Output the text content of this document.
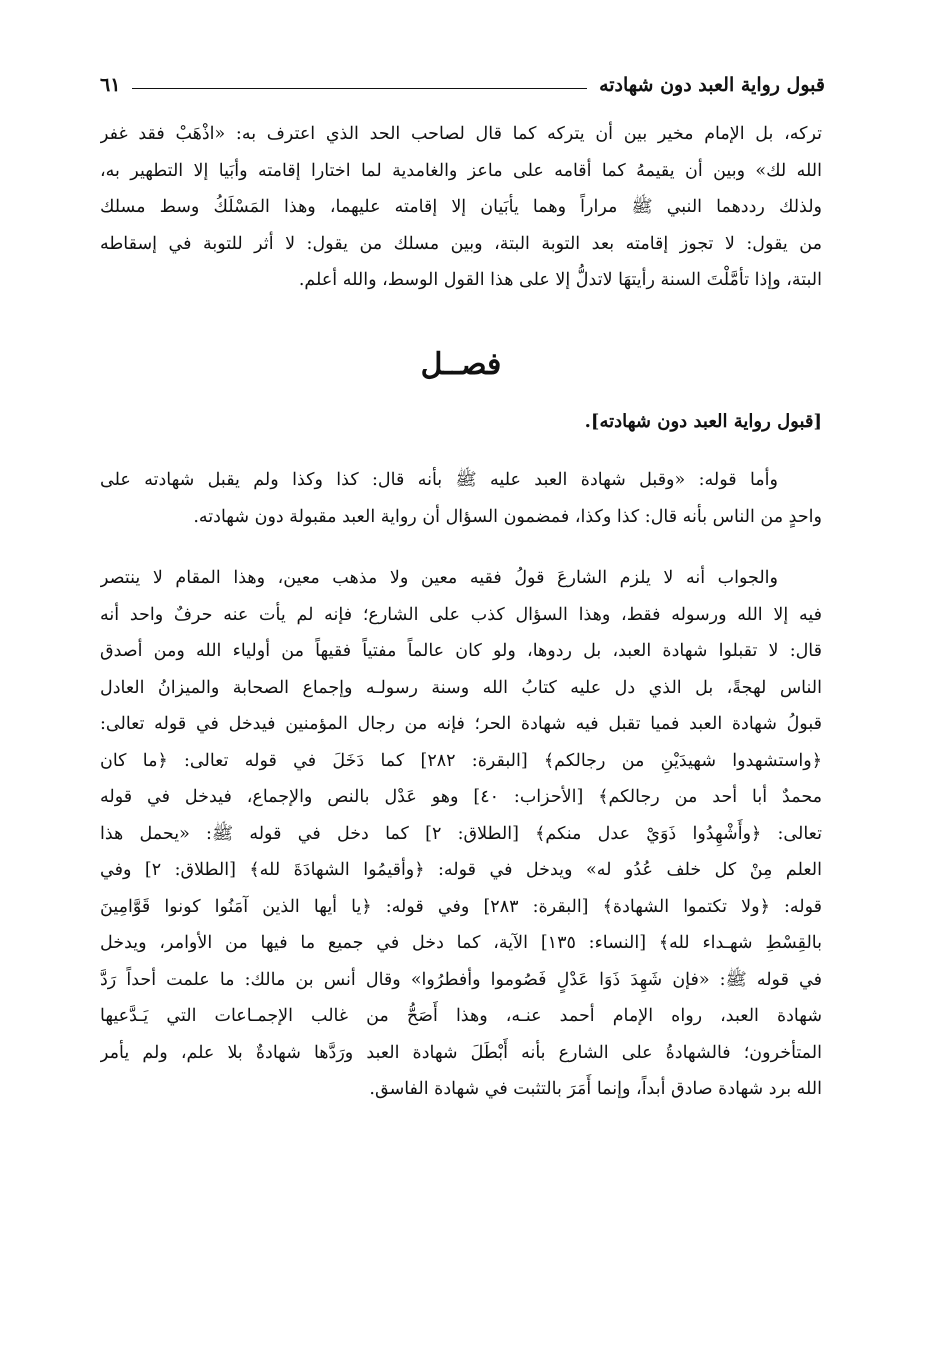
قبول رواية العبد دون شهادته
٦١
تركه، بل الإمام مخير بين أن يتركه كما قال لصاحب الحد الذي اعترف به: «اذْهَبْ فقد غفر
الله لك» وبين أن يقيمهُ كما أقامه على ماعز والغامدية لما اختارا إقامته وأبَيا إلا التطهير به،
ولذلك رددهما النبي ﷺ مراراً وهما يأبَيان إلا إقامته عليهما، وهذا المَسْلَكُ وسط مسلك
من يقول: لا تجوز إقامته بعد التوبة البتة، وبين مسلك من يقول: لا أثر للتوبة في إسقاطه
البتة، وإذا تأمَّلْتَ السنة رأيتهَا لاتدلُّ إلا على هذا القول الوسط، والله أعلم.
فصــل
[قبول رواية العبد دون شهادته].
وأما قوله: «وقبل شهادة العبد عليه ﷺ بأنه قال: كذا وكذا ولم يقبل شهادته على
واحدٍ من الناس بأنه قال: كذا وكذا، فمضمون السؤال أن رواية العبد مقبولة دون شهادته.
والجواب أنه لا يلزم الشارعَ قولُ فقيه معين ولا مذهب معين، وهذا المقام لا ينتصر
فيه إلا الله ورسوله فقط، وهذا السؤال كذب على الشارع؛ فإنه لم يأت عنه حرفٌ واحد أنه
قال: لا تقبلوا شهادة العبد، بل ردوها، ولو كان عالماً مفتياً فقيهاً من أولياء الله ومن أصدق
الناس لهجةً، بل الذي دل عليه كتابُ الله وسنة رسولـه وإجماع الصحابة والميزانُ العادل
قبولُ شهادة العبد فميا تقبل فيه شهادة الحر؛ فإنه من رجال المؤمنين فيدخل في قوله تعالى:
﴿واستشهدوا شهيدَيْنِ من رجالكم﴾ [البقرة: ٢٨٢] كما دَخَلَ في قوله تعالى: ﴿ما كان
محمدٌ أبا أحد من رجالكم﴾ [الأحزاب: ٤٠] وهو عَدْل بالنص والإجماع، فيدخل في قوله
تعالى: ﴿وأَشْهِدُوا ذَوَيْ عدل منكم﴾ [الطلاق: ٢] كما دخل في قوله ﷺ: «يحمل هذا
العلم مِنْ كل خلف عُدُو له» ويدخل في قوله: ﴿وأقيمُوا الشهادَةَ لله﴾ [الطلاق: ٢] وفي
قوله: ﴿ولا تكتموا الشهادة﴾ [البقرة: ٢٨٣] وفي قوله: ﴿يا أيها الذين آمَنُوا كونوا قَوَّامِينَ
بالقِسْطِ شهـداء لله﴾ [النساء: ١٣٥] الآية، كما دخل في جميع ما فيها من الأوامر، ويدخل
في قوله ﷺ: «فإن شَهِدَ ذَوَا عَدْلٍ فَصُوموا وأفطرُوا» وقال أنس بن مالك: ما علمت أحداً رَدَّ
شهادة العبد، رواه الإمام أحمد عنـه، وهذا أَصَحُّ من غالب الإجمـاعات التي يَـدَّعيها
المتأخرون؛ فالشهادةُ على الشارع بأنه أَبْطَلَ شهادة العبد ورَدَّها شهادةٌ بلا علم، ولم يأمر
الله برد شهادة صادق أبداً، وإنما أَمَرَ بالتثبت في شهادة الفاسق.
